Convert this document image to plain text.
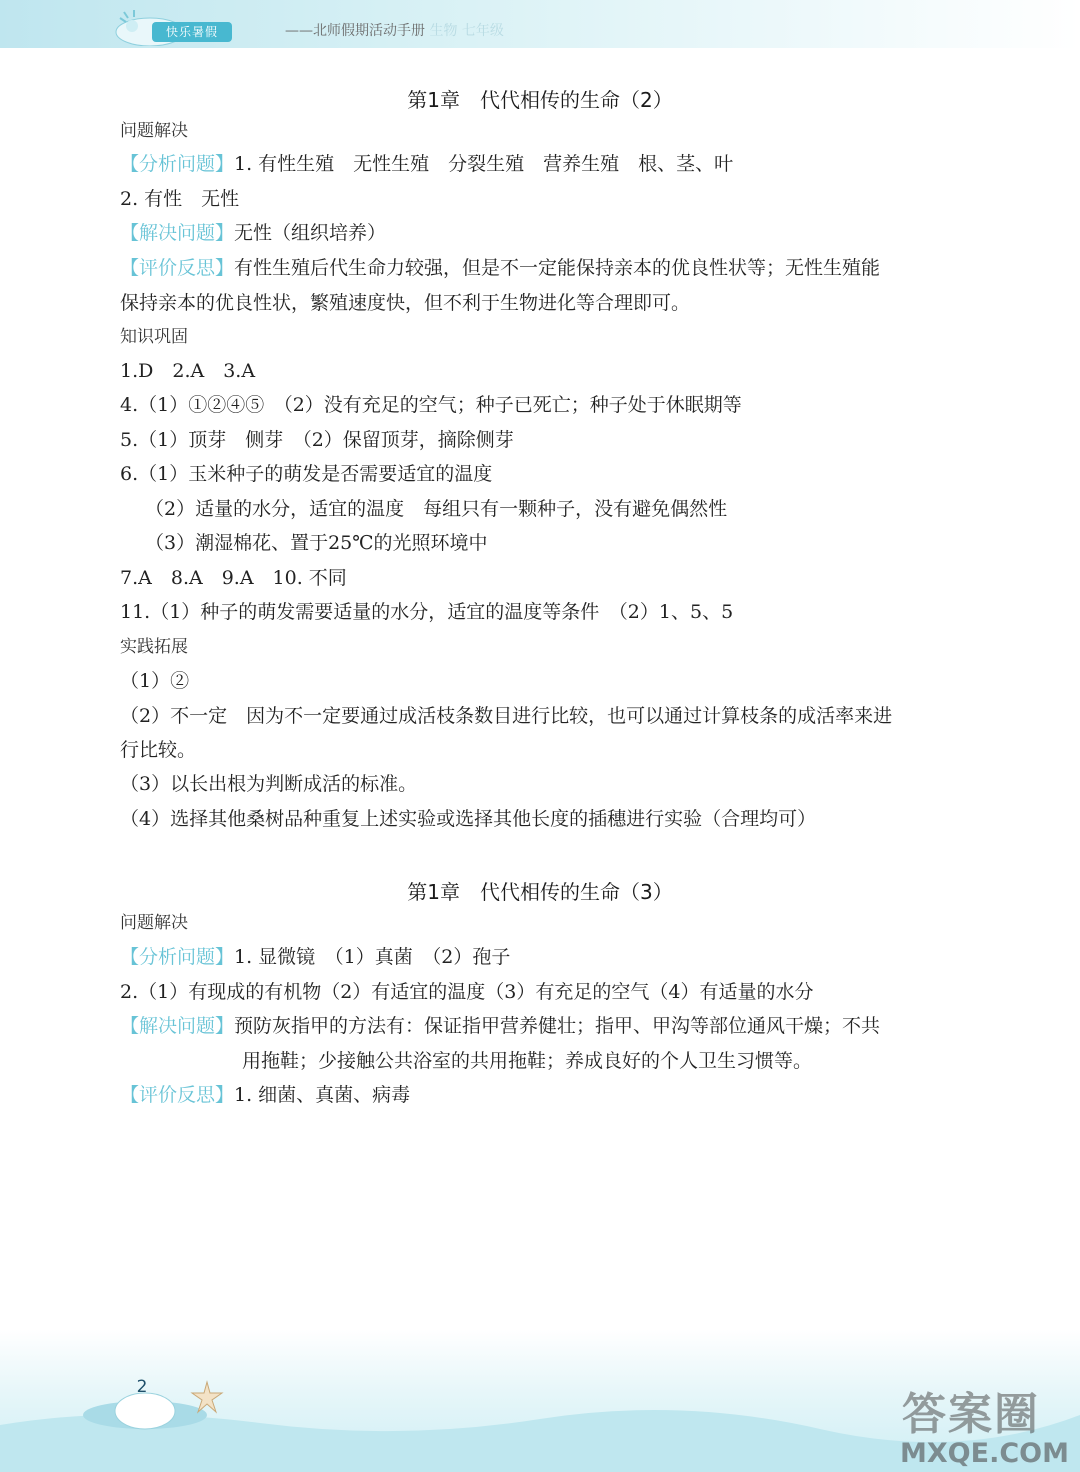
快乐暑假	——北师假期活动手册 生物 七年级
第1章　代代相传的生命（2）
问题解决
【分析问题】1. 有性生殖　无性生殖　分裂生殖　营养生殖　根、茎、叶
2. 有性　无性
【解决问题】无性（组织培养）
【评价反思】有性生殖后代生命力较强，但是不一定能保持亲本的优良性状等；无性生殖能
保持亲本的优良性状，繁殖速度快，但不利于生物进化等合理即可。
知识巩固
1.D　2.A　3.A
4.（1）①②④⑤　（2）没有充足的空气；种子已死亡；种子处于休眠期等
5.（1）顶芽　侧芽　（2）保留顶芽，摘除侧芽
6.（1）玉米种子的萌发是否需要适宜的温度
（2）适量的水分，适宜的温度　每组只有一颗种子，没有避免偶然性
（3）潮湿棉花、置于25℃的光照环境中
7.A　8.A　9.A　10. 不同
11.（1）种子的萌发需要适量的水分，适宜的温度等条件　（2）1、5、5
实践拓展
（1）②
（2）不一定　因为不一定要通过成活枝条数目进行比较，也可以通过计算枝条的成活率来进
行比较。
（3）以长出根为判断成活的标准。
（4）选择其他桑树品种重复上述实验或选择其他长度的插穗进行实验（合理均可）
第1章　代代相传的生命（3）
问题解决
【分析问题】1. 显微镜　（1）真菌　（2）孢子
2.（1）有现成的有机物（2）有适宜的温度（3）有充足的空气（4）有适量的水分
【解决问题】预防灰指甲的方法有：保证指甲营养健壮；指甲、甲沟等部位通风干燥；不共
用拖鞋；少接触公共浴室的共用拖鞋；养成良好的个人卫生习惯等。
【评价反思】1. 细菌、真菌、病毒
2
答案圈
MXQE.COM
